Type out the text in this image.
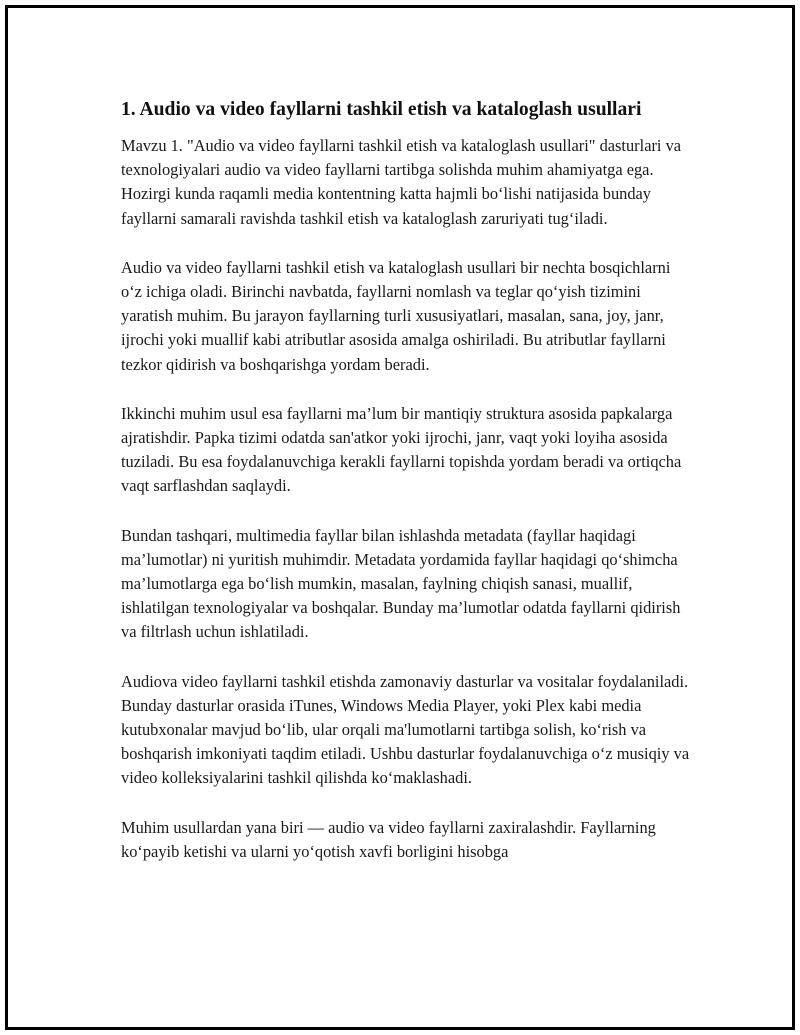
1. Audio va video fayllarni tashkil etish va kataloglash usullari

Mavzu 1. "Audio va video fayllarni tashkil etish va kataloglash usullari" dasturlari va texnologiyalari audio va video fayllarni tartibga solishda muhim ahamiyatga ega. Hozirgi kunda raqamli media kontentning katta hajmli bo‘lishi natijasida bunday fayllarni samarali ravishda tashkil etish va kataloglash zaruriyati tug‘iladi.

Audio va video fayllarni tashkil etish va kataloglash usullari bir nechta bosqichlarni o‘z ichiga oladi. Birinchi navbatda, fayllarni nomlash va teglar qo‘yish tizimini yaratish muhim. Bu jarayon fayllarning turli xususiyatlari, masalan, sana, joy, janr, ijrochi yoki muallif kabi atributlar asosida amalga oshiriladi. Bu atributlar fayllarni tezkor qidirish va boshqarishga yordam beradi.

Ikkinchi muhim usul esa fayllarni ma’lum bir mantiqiy struktura asosida papkalarga ajratishdir. Papka tizimi odatda san'atkor yoki ijrochi, janr, vaqt yoki loyiha asosida tuziladi. Bu esa foydalanuvchiga kerakli fayllarni topishda yordam beradi va ortiqcha vaqt sarflashdan saqlaydi.

Bundan tashqari, multimedia fayllar bilan ishlashda metadata (fayllar haqidagi ma’lumotlar) ni yuritish muhimdir. Metadata yordamida fayllar haqidagi qo‘shimcha ma’lumotlarga ega bo‘lish mumkin, masalan, faylning chiqish sanasi, muallif, ishlatilgan texnologiyalar va boshqalar. Bunday ma’lumotlar odatda fayllarni qidirish va filtrlash uchun ishlatiladi.

Audiova video fayllarni tashkil etishda zamonaviy dasturlar va vositalar foydalaniladi. Bunday dasturlar orasida iTunes, Windows Media Player, yoki Plex kabi media kutubxonalar mavjud bo‘lib, ular orqali ma'lumotlarni tartibga solish, ko‘rish va boshqarish imkoniyati taqdim etiladi. Ushbu dasturlar foydalanuvchiga o‘z musiqiy va video kolleksiyalarini tashkil qilishda ko‘maklashadi.

Muhim usullardan yana biri — audio va video fayllarni zaxiralashdir. Fayllarning ko‘payib ketishi va ularni yo‘qotish xavfi borligini hisobga
